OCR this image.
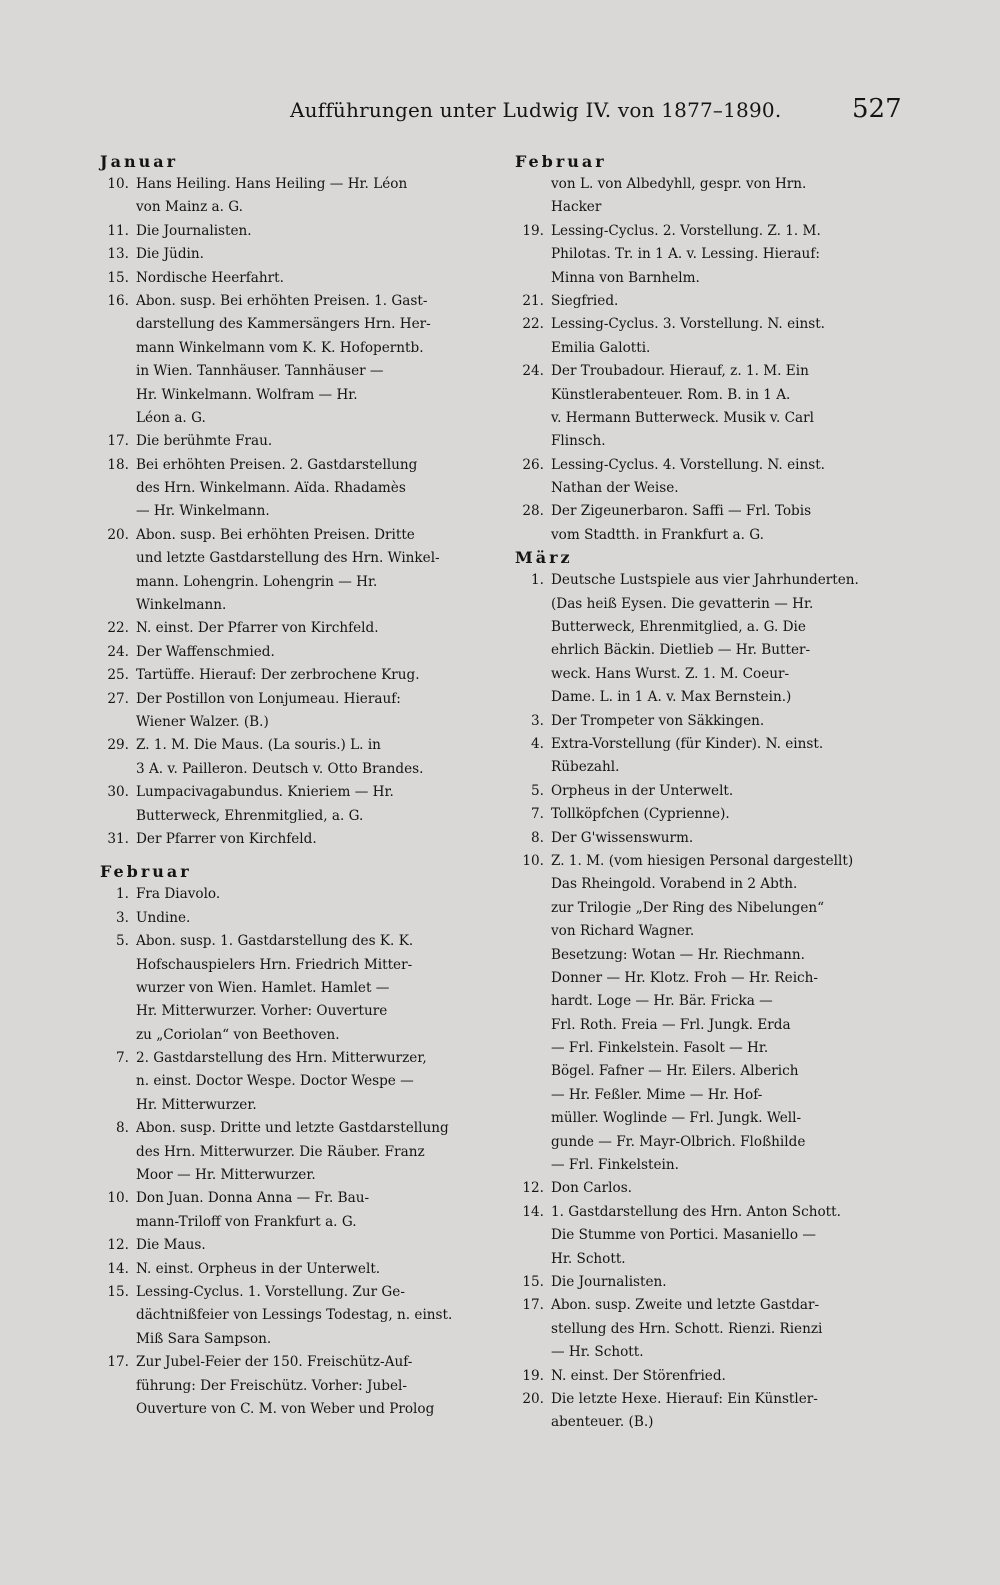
Aufführungen unter Ludwig IV. von 1877–1890.	527
Januar
10. Hans Heiling. Hans Heiling — Hr. Léon
von Mainz a. G.
11. Die Journalisten.
13. Die Jüdin.
15. Nordische Heerfahrt.
16. Abon. susp. Bei erhöhten Preisen. 1. Gast-
darstellung des Kammersängers Hrn. Her-
mann Winkelmann vom K. K. Hofoperntb.
in Wien. Tannhäuser. Tannhäuser —
Hr. Winkelmann. Wolfram — Hr.
Léon a. G.
17. Die berühmte Frau.
18. Bei erhöhten Preisen. 2. Gastdarstellung
des Hrn. Winkelmann. Aïda. Rhadamès
— Hr. Winkelmann.
20. Abon. susp. Bei erhöhten Preisen. Dritte
und letzte Gastdarstellung des Hrn. Winkel-
mann. Lohengrin. Lohengrin — Hr.
Winkelmann.
22. N. einst. Der Pfarrer von Kirchfeld.
24. Der Waffenschmied.
25. Tartüffe. Hierauf: Der zerbrochene Krug.
27. Der Postillon von Lonjumeau. Hierauf:
Wiener Walzer. (B.)
29. Z. 1. M. Die Maus. (La souris.) L. in
3 A. v. Pailleron. Deutsch v. Otto Brandes.
30. Lumpacivagabundus. Knieriem — Hr.
Butterweck, Ehrenmitglied, a. G.
31. Der Pfarrer von Kirchfeld.
Februar
1. Fra Diavolo.
3. Undine.
5. Abon. susp. 1. Gastdarstellung des K. K.
Hofschauspielers Hrn. Friedrich Mitter-
wurzer von Wien. Hamlet. Hamlet —
Hr. Mitterwurzer. Vorher: Ouverture
zu „Coriolan“ von Beethoven.
7. 2. Gastdarstellung des Hrn. Mitterwurzer,
n. einst. Doctor Wespe. Doctor Wespe —
Hr. Mitterwurzer.
8. Abon. susp. Dritte und letzte Gastdarstellung
des Hrn. Mitterwurzer. Die Räuber. Franz
Moor — Hr. Mitterwurzer.
10. Don Juan. Donna Anna — Fr. Bau-
mann-Triloff von Frankfurt a. G.
12. Die Maus.
14. N. einst. Orpheus in der Unterwelt.
15. Lessing-Cyclus. 1. Vorstellung. Zur Ge-
dächtnißfeier von Lessings Todestag, n. einst.
Miß Sara Sampson.
17. Zur Jubel-Feier der 150. Freischütz-Auf-
führung: Der Freischütz. Vorher: Jubel-
Ouverture von C. M. von Weber und Prolog
Februar
von L. von Albedyhll, gespr. von Hrn.
Hacker
19. Lessing-Cyclus. 2. Vorstellung. Z. 1. M.
Philotas. Tr. in 1 A. v. Lessing. Hierauf:
Minna von Barnhelm.
21. Siegfried.
22. Lessing-Cyclus. 3. Vorstellung. N. einst.
Emilia Galotti.
24. Der Troubadour. Hierauf, z. 1. M. Ein
Künstlerabenteuer. Rom. B. in 1 A.
v. Hermann Butterweck. Musik v. Carl
Flinsch.
26. Lessing-Cyclus. 4. Vorstellung. N. einst.
Nathan der Weise.
28. Der Zigeunerbaron. Saffi — Frl. Tobis
vom Stadtth. in Frankfurt a. G.
März
1. Deutsche Lustspiele aus vier Jahrhunderten.
(Das heiß Eysen. Die gevatterin — Hr.
Butterweck, Ehrenmitglied, a. G. Die
ehrlich Bäckin. Dietlieb — Hr. Butter-
weck. Hans Wurst. Z. 1. M. Coeur-
Dame. L. in 1 A. v. Max Bernstein.)
3. Der Trompeter von Säkkingen.
4. Extra-Vorstellung (für Kinder). N. einst.
Rübezahl.
5. Orpheus in der Unterwelt.
7. Tollköpfchen (Cyprienne).
8. Der G'wissenswurm.
10. Z. 1. M. (vom hiesigen Personal dargestellt)
Das Rheingold. Vorabend in 2 Abth.
zur Trilogie „Der Ring des Nibelungen“
von Richard Wagner.
Besetzung: Wotan — Hr. Riechmann.
Donner — Hr. Klotz. Froh — Hr. Reich-
hardt. Loge — Hr. Bär. Fricka —
Frl. Roth. Freia — Frl. Jungk. Erda
— Frl. Finkelstein. Fasolt — Hr.
Bögel. Fafner — Hr. Eilers. Alberich
— Hr. Feßler. Mime — Hr. Hof-
müller. Woglinde — Frl. Jungk. Well-
gunde — Fr. Mayr-Olbrich. Floßhilde
— Frl. Finkelstein.
12. Don Carlos.
14. 1. Gastdarstellung des Hrn. Anton Schott.
Die Stumme von Portici. Masaniello —
Hr. Schott.
15. Die Journalisten.
17. Abon. susp. Zweite und letzte Gastdar-
stellung des Hrn. Schott. Rienzi. Rienzi
— Hr. Schott.
19. N. einst. Der Störenfried.
20. Die letzte Hexe. Hierauf: Ein Künstler-
abenteuer. (B.)
